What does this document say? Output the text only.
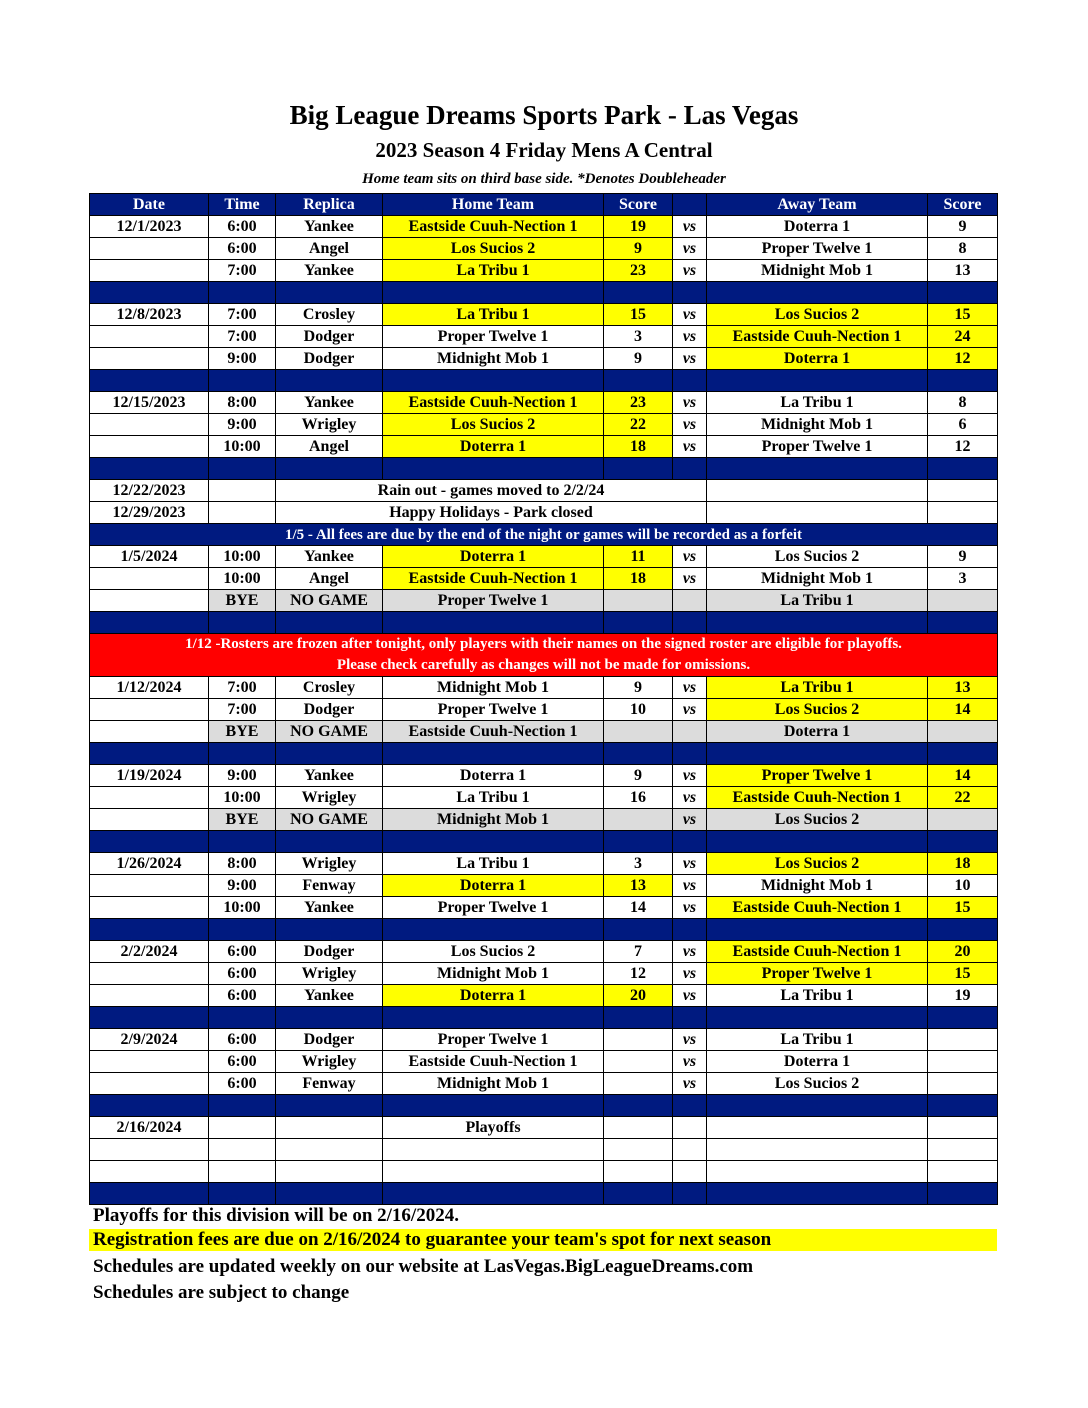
Big League Dreams Sports Park - Las Vegas
2023 Season 4 Friday Mens A Central
Home team sits on third base side. *Denotes Doubleheader
Date	Time	Replica	Home Team	Score		Away Team	Score
12/1/2023	6:00	Yankee	Eastside Cuuh-Nection 1	19	vs	Doterra 1	9
	6:00	Angel	Los Sucios 2	9	vs	Proper Twelve 1	8
	7:00	Yankee	La Tribu 1	23	vs	Midnight Mob 1	13

12/8/2023	7:00	Crosley	La Tribu 1	15	vs	Los Sucios 2	15
	7:00	Dodger	Proper Twelve 1	3	vs	Eastside Cuuh-Nection 1	24
	9:00	Dodger	Midnight Mob 1	9	vs	Doterra 1	12

12/15/2023	8:00	Yankee	Eastside Cuuh-Nection 1	23	vs	La Tribu 1	8
	9:00	Wrigley	Los Sucios 2	22	vs	Midnight Mob 1	6
	10:00	Angel	Doterra 1	18	vs	Proper Twelve 1	12

12/22/2023		Rain out - games moved to 2/2/24					
12/29/2023		Happy Holidays - Park closed					
1/5 - All fees are due by the end of the night or games will be recorded as a forfeit							
1/5/2024	10:00	Yankee	Doterra 1	11	vs	Los Sucios 2	9
	10:00	Angel	Eastside Cuuh-Nection 1	18	vs	Midnight Mob 1	3
	BYE	NO GAME	Proper Twelve 1			La Tribu 1	

1/12 -Rosters are frozen after tonight, only players with their names on the signed roster are eligible for playoffs.
Please check carefully as changes will not be made for omissions.							

1/12/2024	7:00	Crosley	Midnight Mob 1	9	vs	La Tribu 1	13
	7:00	Dodger	Proper Twelve 1	10	vs	Los Sucios 2	14
	BYE	NO GAME	Eastside Cuuh-Nection 1			Doterra 1	

1/19/2024	9:00	Yankee	Doterra 1	9	vs	Proper Twelve 1	14
	10:00	Wrigley	La Tribu 1	16	vs	Eastside Cuuh-Nection 1	22
	BYE	NO GAME	Midnight Mob 1		vs	Los Sucios 2	

1/26/2024	8:00	Wrigley	La Tribu 1	3	vs	Los Sucios 2	18
	9:00	Fenway	Doterra 1	13	vs	Midnight Mob 1	10
	10:00	Yankee	Proper Twelve 1	14	vs	Eastside Cuuh-Nection 1	15

2/2/2024	6:00	Dodger	Los Sucios 2	7	vs	Eastside Cuuh-Nection 1	20
	6:00	Wrigley	Midnight Mob 1	12	vs	Proper Twelve 1	15
	6:00	Yankee	Doterra 1	20	vs	La Tribu 1	19

2/9/2024	6:00	Dodger	Proper Twelve 1		vs	La Tribu 1	
	6:00	Wrigley	Eastside Cuuh-Nection 1		vs	Doterra 1	
	6:00	Fenway	Midnight Mob 1		vs	Los Sucios 2	

2/16/2024			Playoffs				

Playoffs for this division will be on 2/16/2024.
Registration fees are due on 2/16/2024 to guarantee your team's spot for next season
Schedules are updated weekly on our website at LasVegas.BigLeagueDreams.com
Schedules are subject to change
